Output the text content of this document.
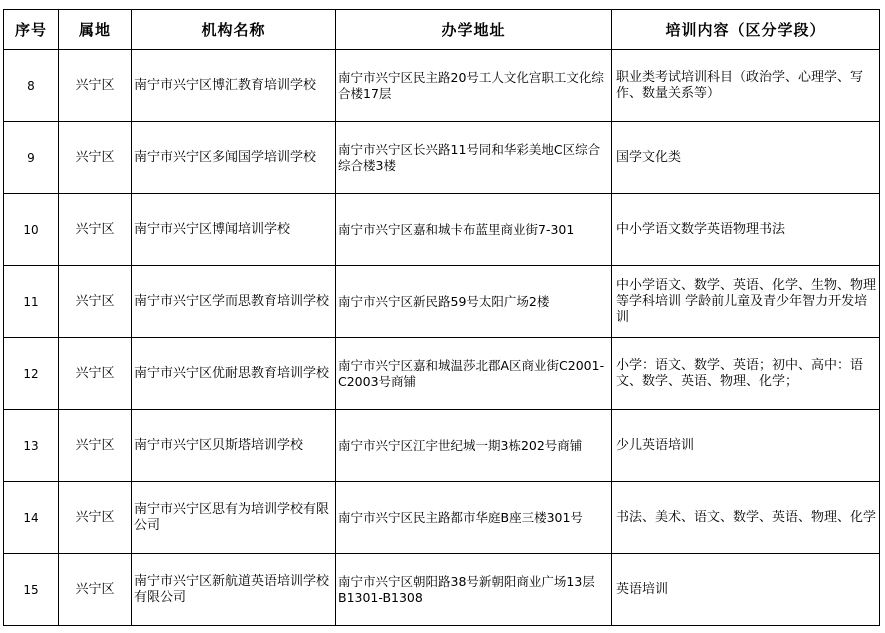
序号	属地	机构名称	办学地址	培训内容（区分学段）
8	兴宁区	南宁市兴宁区博汇教育培训学校	南宁市兴宁区民主路20号工人文化宫职工文化综合楼17层	职业类考试培训科目（政治学、心理学、写作、数量关系等）
9	兴宁区	南宁市兴宁区多闻国学培训学校	南宁市兴宁区长兴路11号同和华彩美地C区综合综合楼3楼	国学文化类
10	兴宁区	南宁市兴宁区博闻培训学校	南宁市兴宁区嘉和城卡布蓝里商业街7-301	中小学语文数学英语物理书法
11	兴宁区	南宁市兴宁区学而思教育培训学校	南宁市兴宁区新民路59号太阳广场2楼	中小学语文、数学、英语、化学、生物、物理等学科培训 学龄前儿童及青少年智力开发培训
12	兴宁区	南宁市兴宁区优耐思教育培训学校	南宁市兴宁区嘉和城温莎北郡A区商业街C2001-C2003号商铺	小学：语文、数学、英语；初中、高中：语文、数学、英语、物理、化学；
13	兴宁区	南宁市兴宁区贝斯塔培训学校	南宁市兴宁区江宇世纪城一期3栋202号商铺	少儿英语培训
14	兴宁区	南宁市兴宁区思有为培训学校有限公司	南宁市兴宁区民主路都市华庭B座三楼301号	书法、美术、语文、数学、英语、物理、化学
15	兴宁区	南宁市兴宁区新航道英语培训学校有限公司	南宁市兴宁区朝阳路38号新朝阳商业广场13层B1301-B1308	英语培训
